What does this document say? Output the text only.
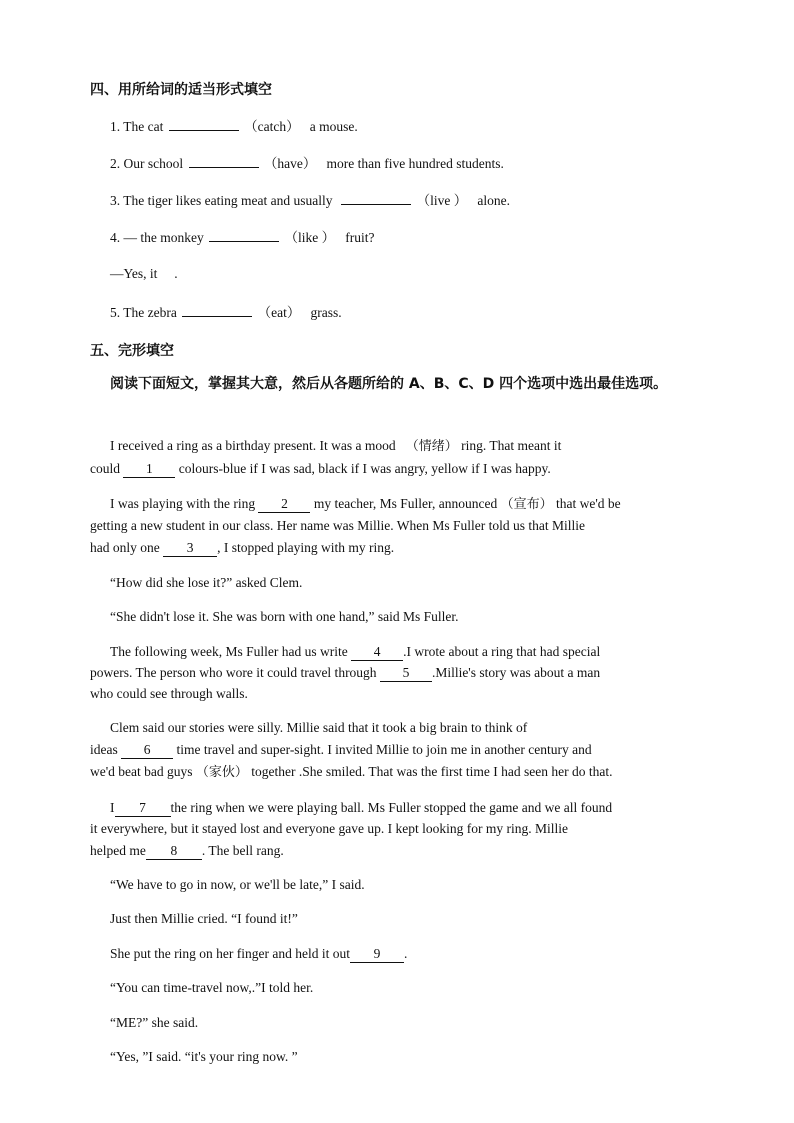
四、用所给词的适当形式填空
1. The cat	（catch） a mouse.
2. Our school	（have） more than five hundred students.
3. The tiger likes eating meat and usually	（live ） alone.
4. — the monkey	（like ） fruit?
—Yes, it .
5. The zebra	（eat） grass.
五、完形填空
阅读下面短文，掌握其大意，然后从各题所给的 A、B、C、D 四个选项中选出最佳选项。
I received a ring as a birthday present. It was a mood （情绪） ring. That meant it
could 1 colours-blue if I was sad, black if I was angry, yellow if I was happy.
I was playing with the ring 2 my teacher, Ms Fuller, announced （宣布） that we'd be
getting a new student in our class. Her name was Millie. When Ms Fuller told us that Millie
had only one 3 , I stopped playing with my ring.
“How did she lose it?” asked Clem.
“She didn't lose it. She was born with one hand,” said Ms Fuller.
The following week, Ms Fuller had us write 4 .I wrote about a ring that had special
powers. The person who wore it could travel through 5 .Millie's story was about a man
who could see through walls.
Clem said our stories were silly. Millie said that it took a big brain to think of
ideas 6 time travel and super-sight. I invited Millie to join me in another century and
we'd beat bad guys （家伙） together .She smiled. That was the first time I had seen her do that.
I 7 the ring when we were playing ball. Ms Fuller stopped the game and we all found
it everywhere, but it stayed lost and everyone gave up. I kept looking for my ring. Millie
helped me 8 . The bell rang.
“We have to go in now, or we'll be late,” I said.
Just then Millie cried. “I found it!”
She put the ring on her finger and held it out 9 .
“You can time-travel now,.”I told her.
“ME?” she said.
“Yes, ”I said. “it's your ring now. ”
